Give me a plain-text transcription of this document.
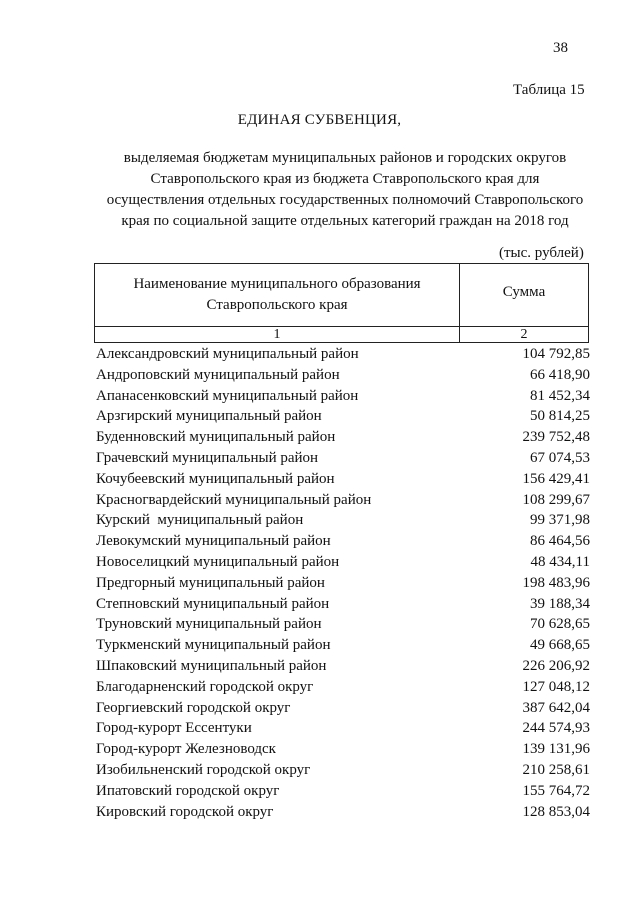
38
Таблица 15
ЕДИНАЯ СУБВЕНЦИЯ,
выделяемая бюджетам муниципальных районов и городских округов
Ставропольского края из бюджета Ставропольского края для
осуществления отдельных государственных полномочий Ставропольского
края по социальной защите отдельных категорий граждан на 2018 год
(тыс. рублей)
Наименование муниципального образования
Ставропольского края
Сумма
1	2
Александровский муниципальный район	104 792,85
Андроповский муниципальный район	66 418,90
Апанасенковский муниципальный район	81 452,34
Арзгирский муниципальный район	50 814,25
Буденновский муниципальный район	239 752,48
Грачевский муниципальный район	67 074,53
Кочубеевский муниципальный район	156 429,41
Красногвардейский муниципальный район	108 299,67
Курский  муниципальный район	99 371,98
Левокумский муниципальный район	86 464,56
Новоселицкий муниципальный район	48 434,11
Предгорный муниципальный район	198 483,96
Степновский муниципальный район	39 188,34
Труновский муниципальный район	70 628,65
Туркменский муниципальный район	49 668,65
Шпаковский муниципальный район	226 206,92
Благодарненский городской округ	127 048,12
Георгиевский городской округ	387 642,04
Город-курорт Ессентуки	244 574,93
Город-курорт Железноводск	139 131,96
Изобильненский городской округ	210 258,61
Ипатовский городской округ	155 764,72
Кировский городской округ	128 853,04
